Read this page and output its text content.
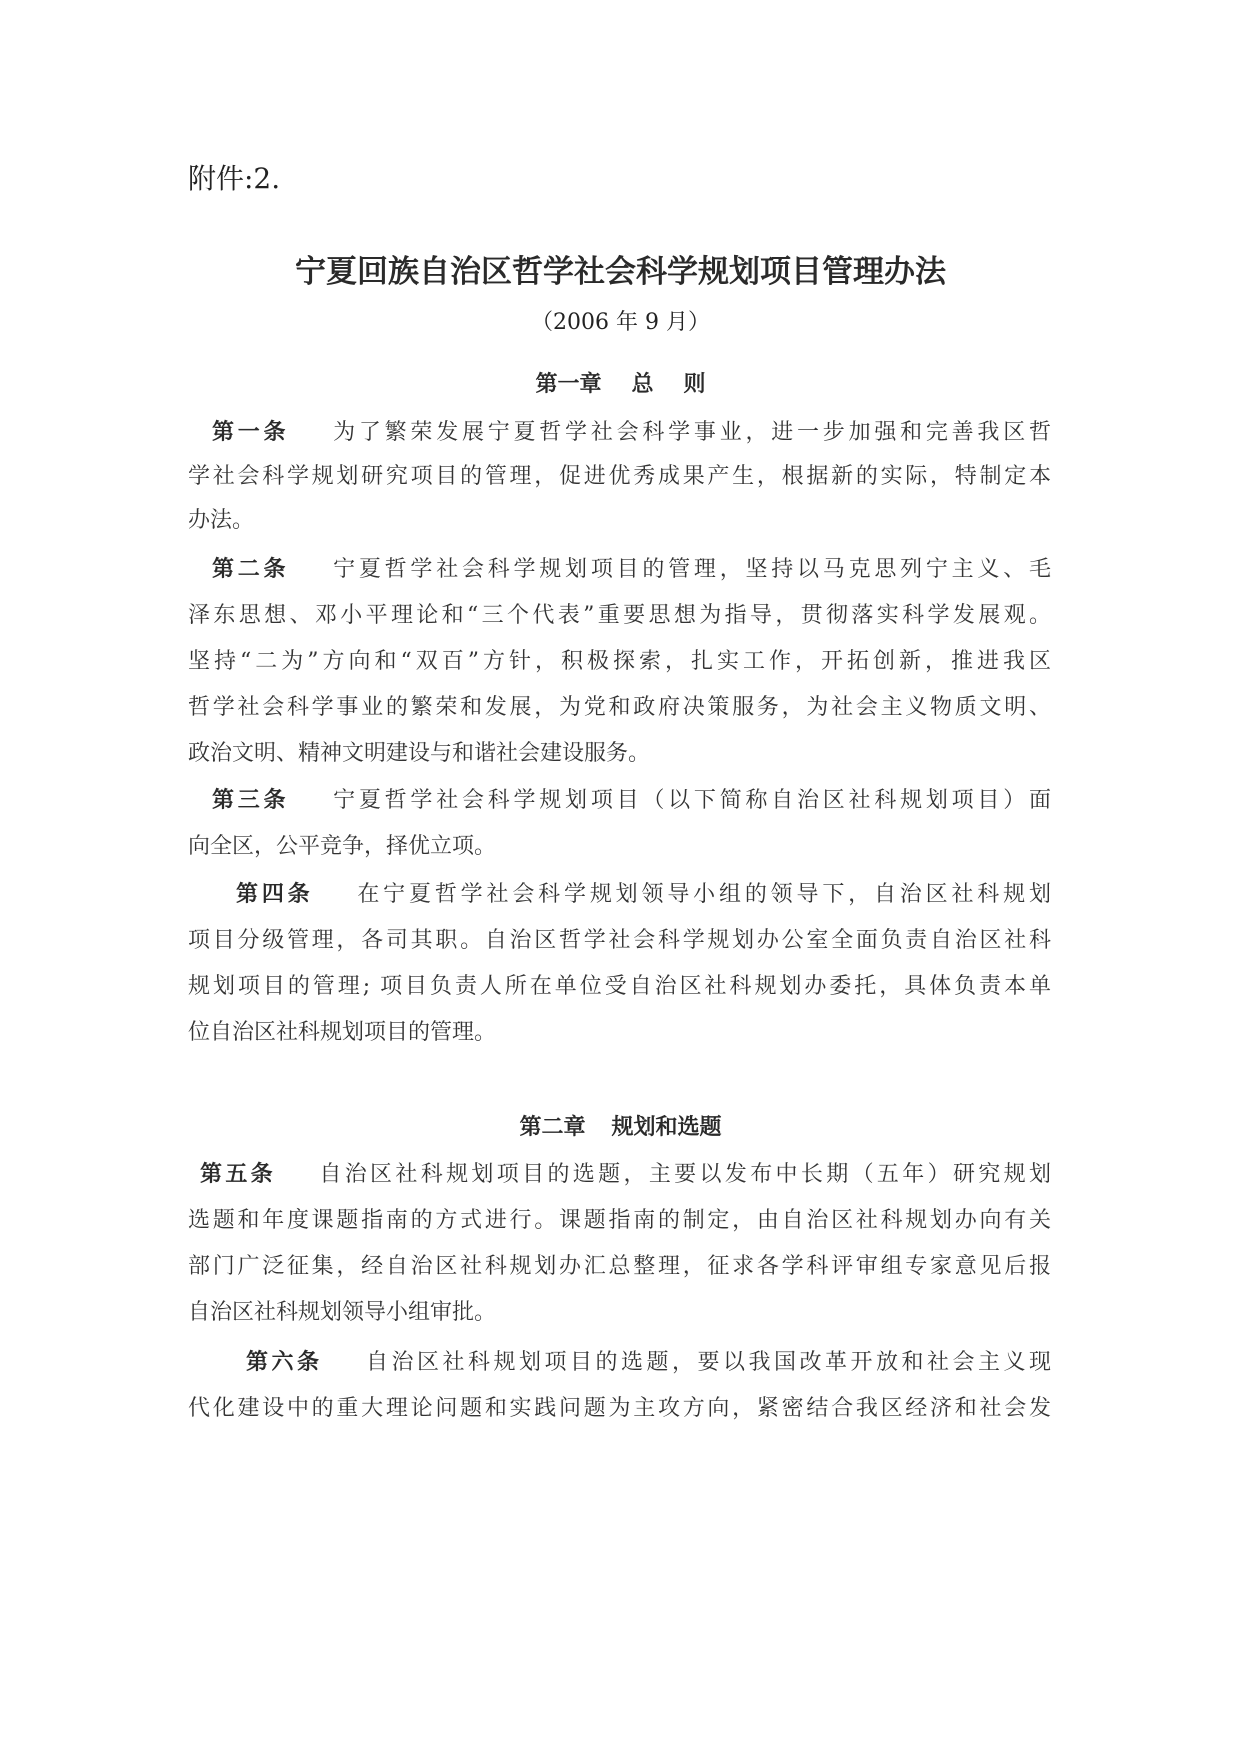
附件:2.

宁夏回族自治区哲学社会科学规划项目管理办法

（2006 年 9 月）

第一章 总 则

第一条 为了繁荣发展宁夏哲学社会科学事业，进一步加强和完善我区哲

学社会科学规划研究项目的管理，促进优秀成果产生，根据新的实际，特制定本

办法。

第二条 宁夏哲学社会科学规划项目的管理，坚持以马克思列宁主义、毛

泽东思想、邓小平理论和“三个代表”重要思想为指导，贯彻落实科学发展观。

坚持“二为”方向和“双百”方针，积极探索，扎实工作，开拓创新，推进我区

哲学社会科学事业的繁荣和发展，为党和政府决策服务，为社会主义物质文明、

政治文明、精神文明建设与和谐社会建设服务。

第三条 宁夏哲学社会科学规划项目（以下简称自治区社科规划项目）面

向全区，公平竞争，择优立项。

第四条 在宁夏哲学社会科学规划领导小组的领导下，自治区社科规划

项目分级管理，各司其职。自治区哲学社会科学规划办公室全面负责自治区社科

规划项目的管理; 项目负责人所在单位受自治区社科规划办委托，具体负责本单

位自治区社科规划项目的管理。

第二章 规划和选题

第五条 自治区社科规划项目的选题，主要以发布中长期（五年）研究规划

选题和年度课题指南的方式进行。课题指南的制定，由自治区社科规划办向有关

部门广泛征集，经自治区社科规划办汇总整理，征求各学科评审组专家意见后报

自治区社科规划领导小组审批。

第六条 自治区社科规划项目的选题，要以我国改革开放和社会主义现

代化建设中的重大理论问题和实践问题为主攻方向，紧密结合我区经济和社会发
